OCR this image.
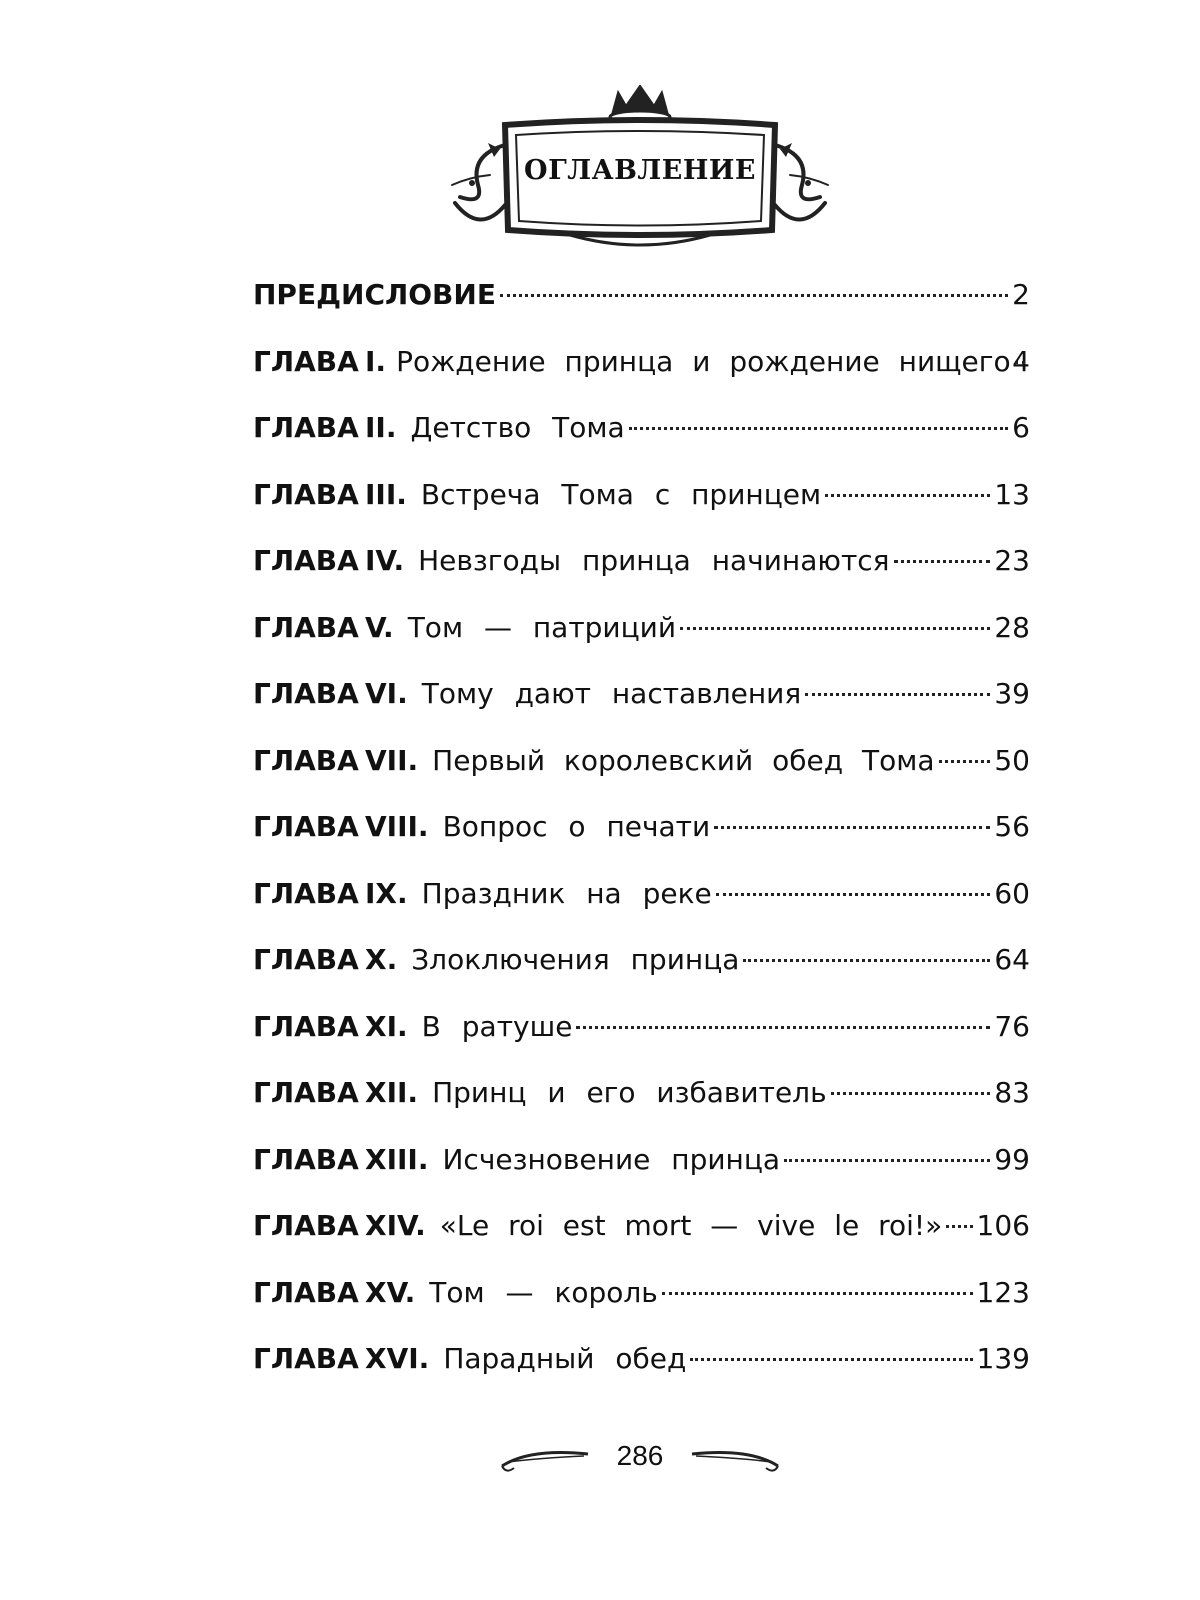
ОГЛАВЛЕНИЕ
ПРЕДИСЛОВИЕ	2
ГЛАВА I. Рождение принца и рождение нищего 4
ГЛАВА II. Детство Тома	6
ГЛАВА III. Встреча Тома с принцем	13
ГЛАВА IV. Невзгоды принца начинаются	23
ГЛАВА V. Том — патриций	28
ГЛАВА VI. Тому дают наставления	39
ГЛАВА VII. Первый королевский обед Тома 50
ГЛАВА VIII. Вопрос о печати	56
ГЛАВА IX. Праздник на реке	60
ГЛАВА X. Злоключения принца	64
ГЛАВА XI. В ратуше	76
ГЛАВА XII. Принц и его избавитель	83
ГЛАВА XIII. Исчезновение принца	99
ГЛАВА XIV. «Le roi est mort — vive le roi!» 106
ГЛАВА XV. Том — король	123
ГЛАВА XVI. Парадный обед	139
286
